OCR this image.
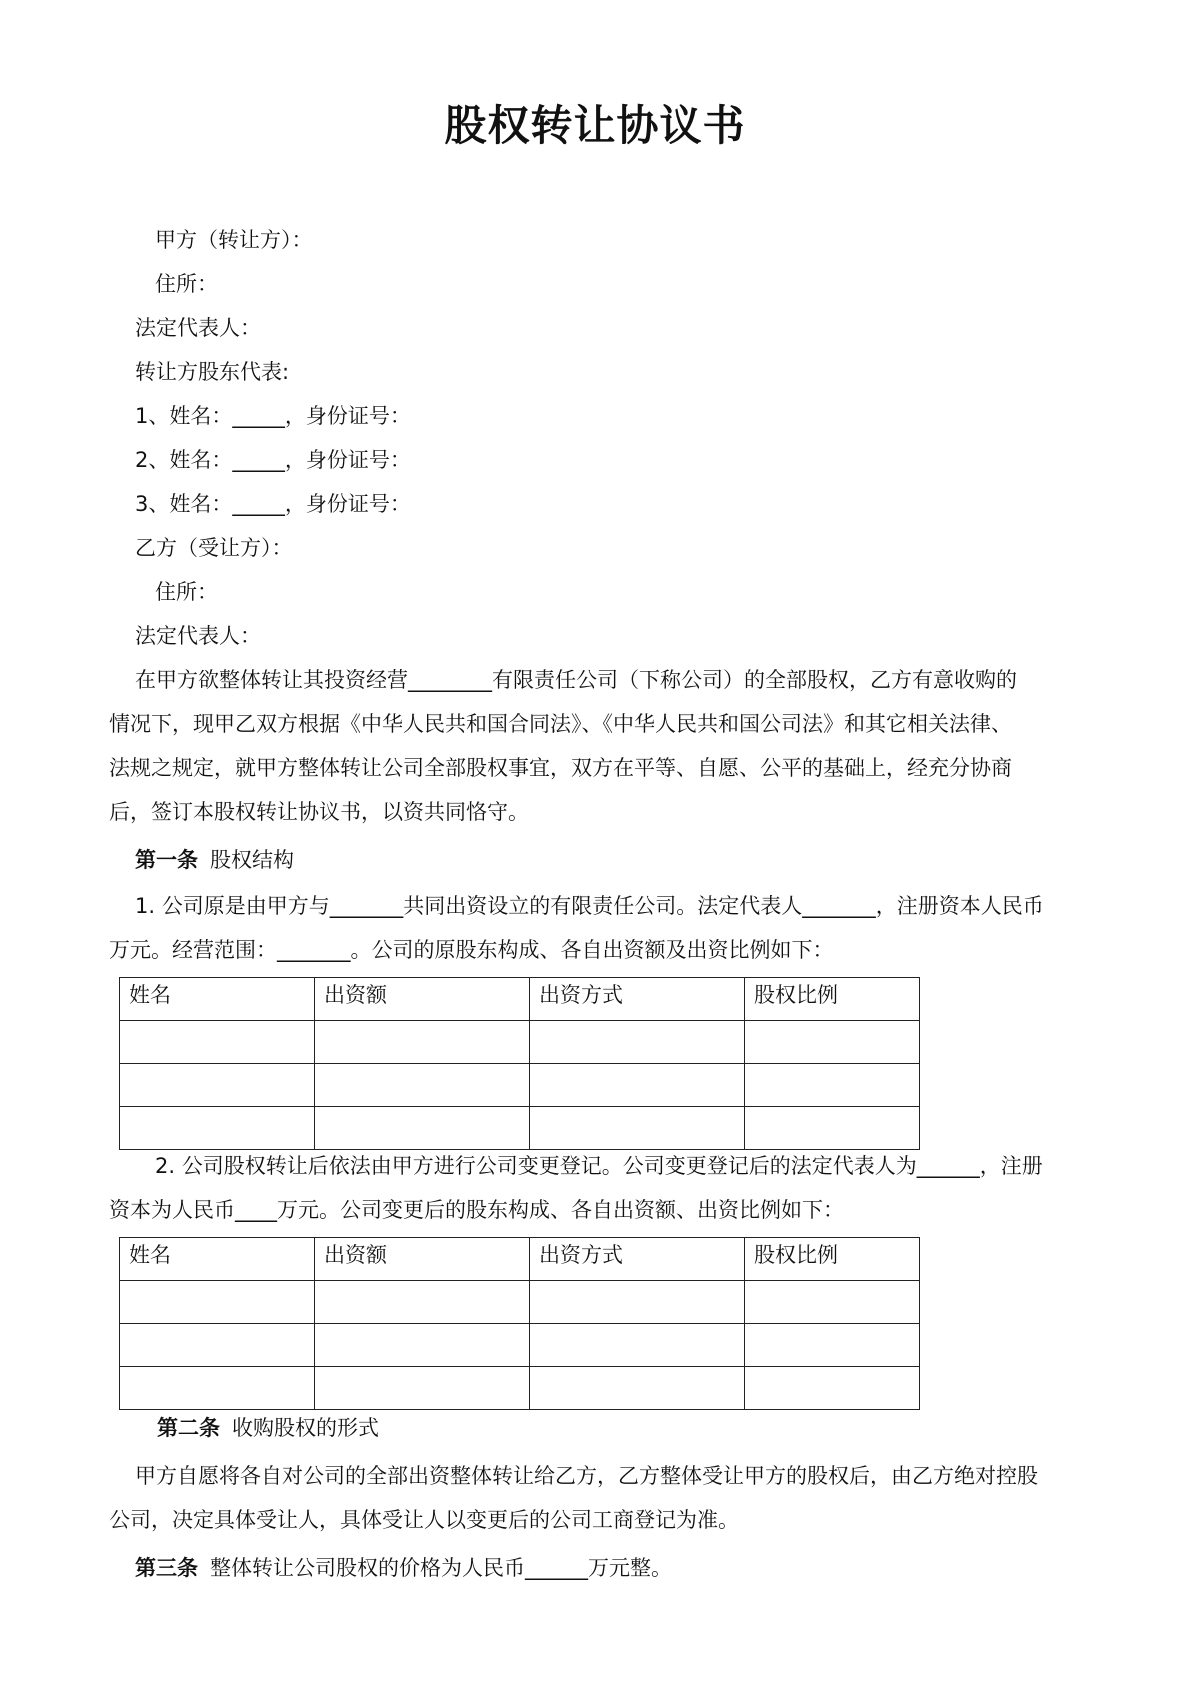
股权转让协议书
甲方（转让方）：
住所：
法定代表人：
转让方股东代表:
1、姓名：_____，身份证号：
2、姓名：_____，身份证号：
3、姓名：_____，身份证号：
乙方（受让方）：
住所：
法定代表人：
在甲方欲整体转让其投资经营________有限责任公司（下称公司）的全部股权，乙方有意收购的
情况下，现甲乙双方根据《中华人民共和国合同法》、《中华人民共和国公司法》和其它相关法律、
法规之规定，就甲方整体转让公司全部股权事宜，双方在平等、自愿、公平的基础上，经充分协商
后，签订本股权转让协议书，以资共同恪守。
第一条 股权结构
1. 公司原是由甲方与_______共同出资设立的有限责任公司。法定代表人_______，注册资本人民币
万元。经营范围：_______。公司的原股东构成、各自出资额及出资比例如下：
姓名	出资额	出资方式	股权比例

2. 公司股权转让后依法由甲方进行公司变更登记。公司变更登记后的法定代表人为______，注册
资本为人民币____万元。公司变更后的股东构成、各自出资额、出资比例如下：
姓名	出资额	出资方式	股权比例

第二条 收购股权的形式
甲方自愿将各自对公司的全部出资整体转让给乙方，乙方整体受让甲方的股权后，由乙方绝对控股
公司，决定具体受让人，具体受让人以变更后的公司工商登记为准。
第三条 整体转让公司股权的价格为人民币______万元整。
